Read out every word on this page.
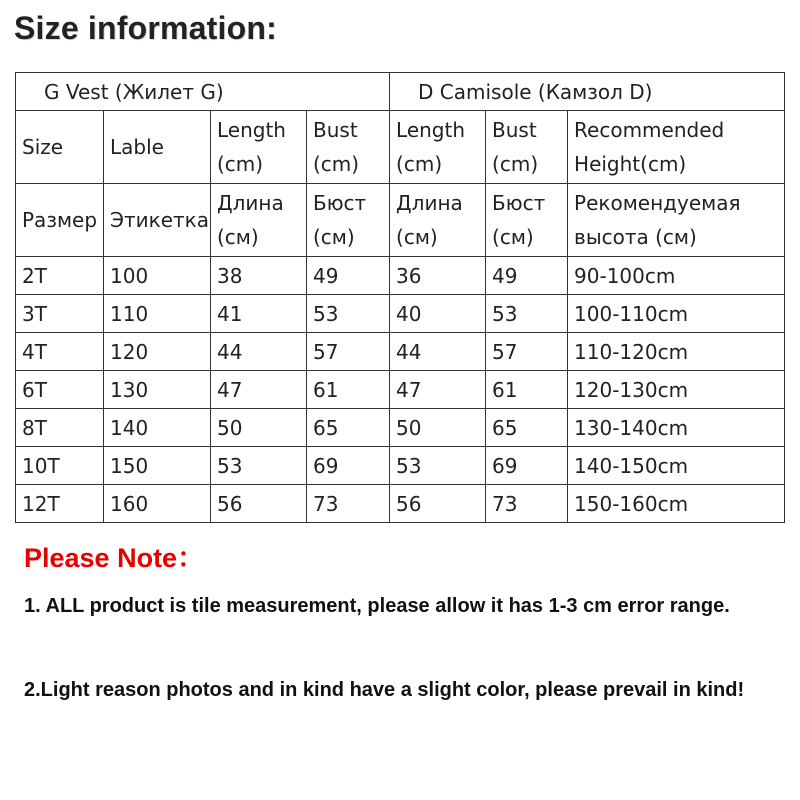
Size information:
G Vest (Жилет G)				D Camisole (Камзол D)		
Size	Lable	Length (cm)	Bust (cm)	Length (cm)	Bust (cm)	Recommended Height(cm)
Размер	Этикетка	Длина (см)	Бюст (см)	Длина (см)	Бюст (см)	Рекомендуемая высота (см)
2T	100	38	49	36	49	90-100cm
3T	110	41	53	40	53	100-110cm
4T	120	44	57	44	57	110-120cm
6T	130	47	61	47	61	120-130cm
8T	140	50	65	50	65	130-140cm
10T	150	53	69	53	69	140-150cm
12T	160	56	73	56	73	150-160cm
Please Note：
1. ALL product is tile measurement, please allow it has 1-3 cm error range.
2.Light reason photos and in kind have a slight color, please prevail in kind!
